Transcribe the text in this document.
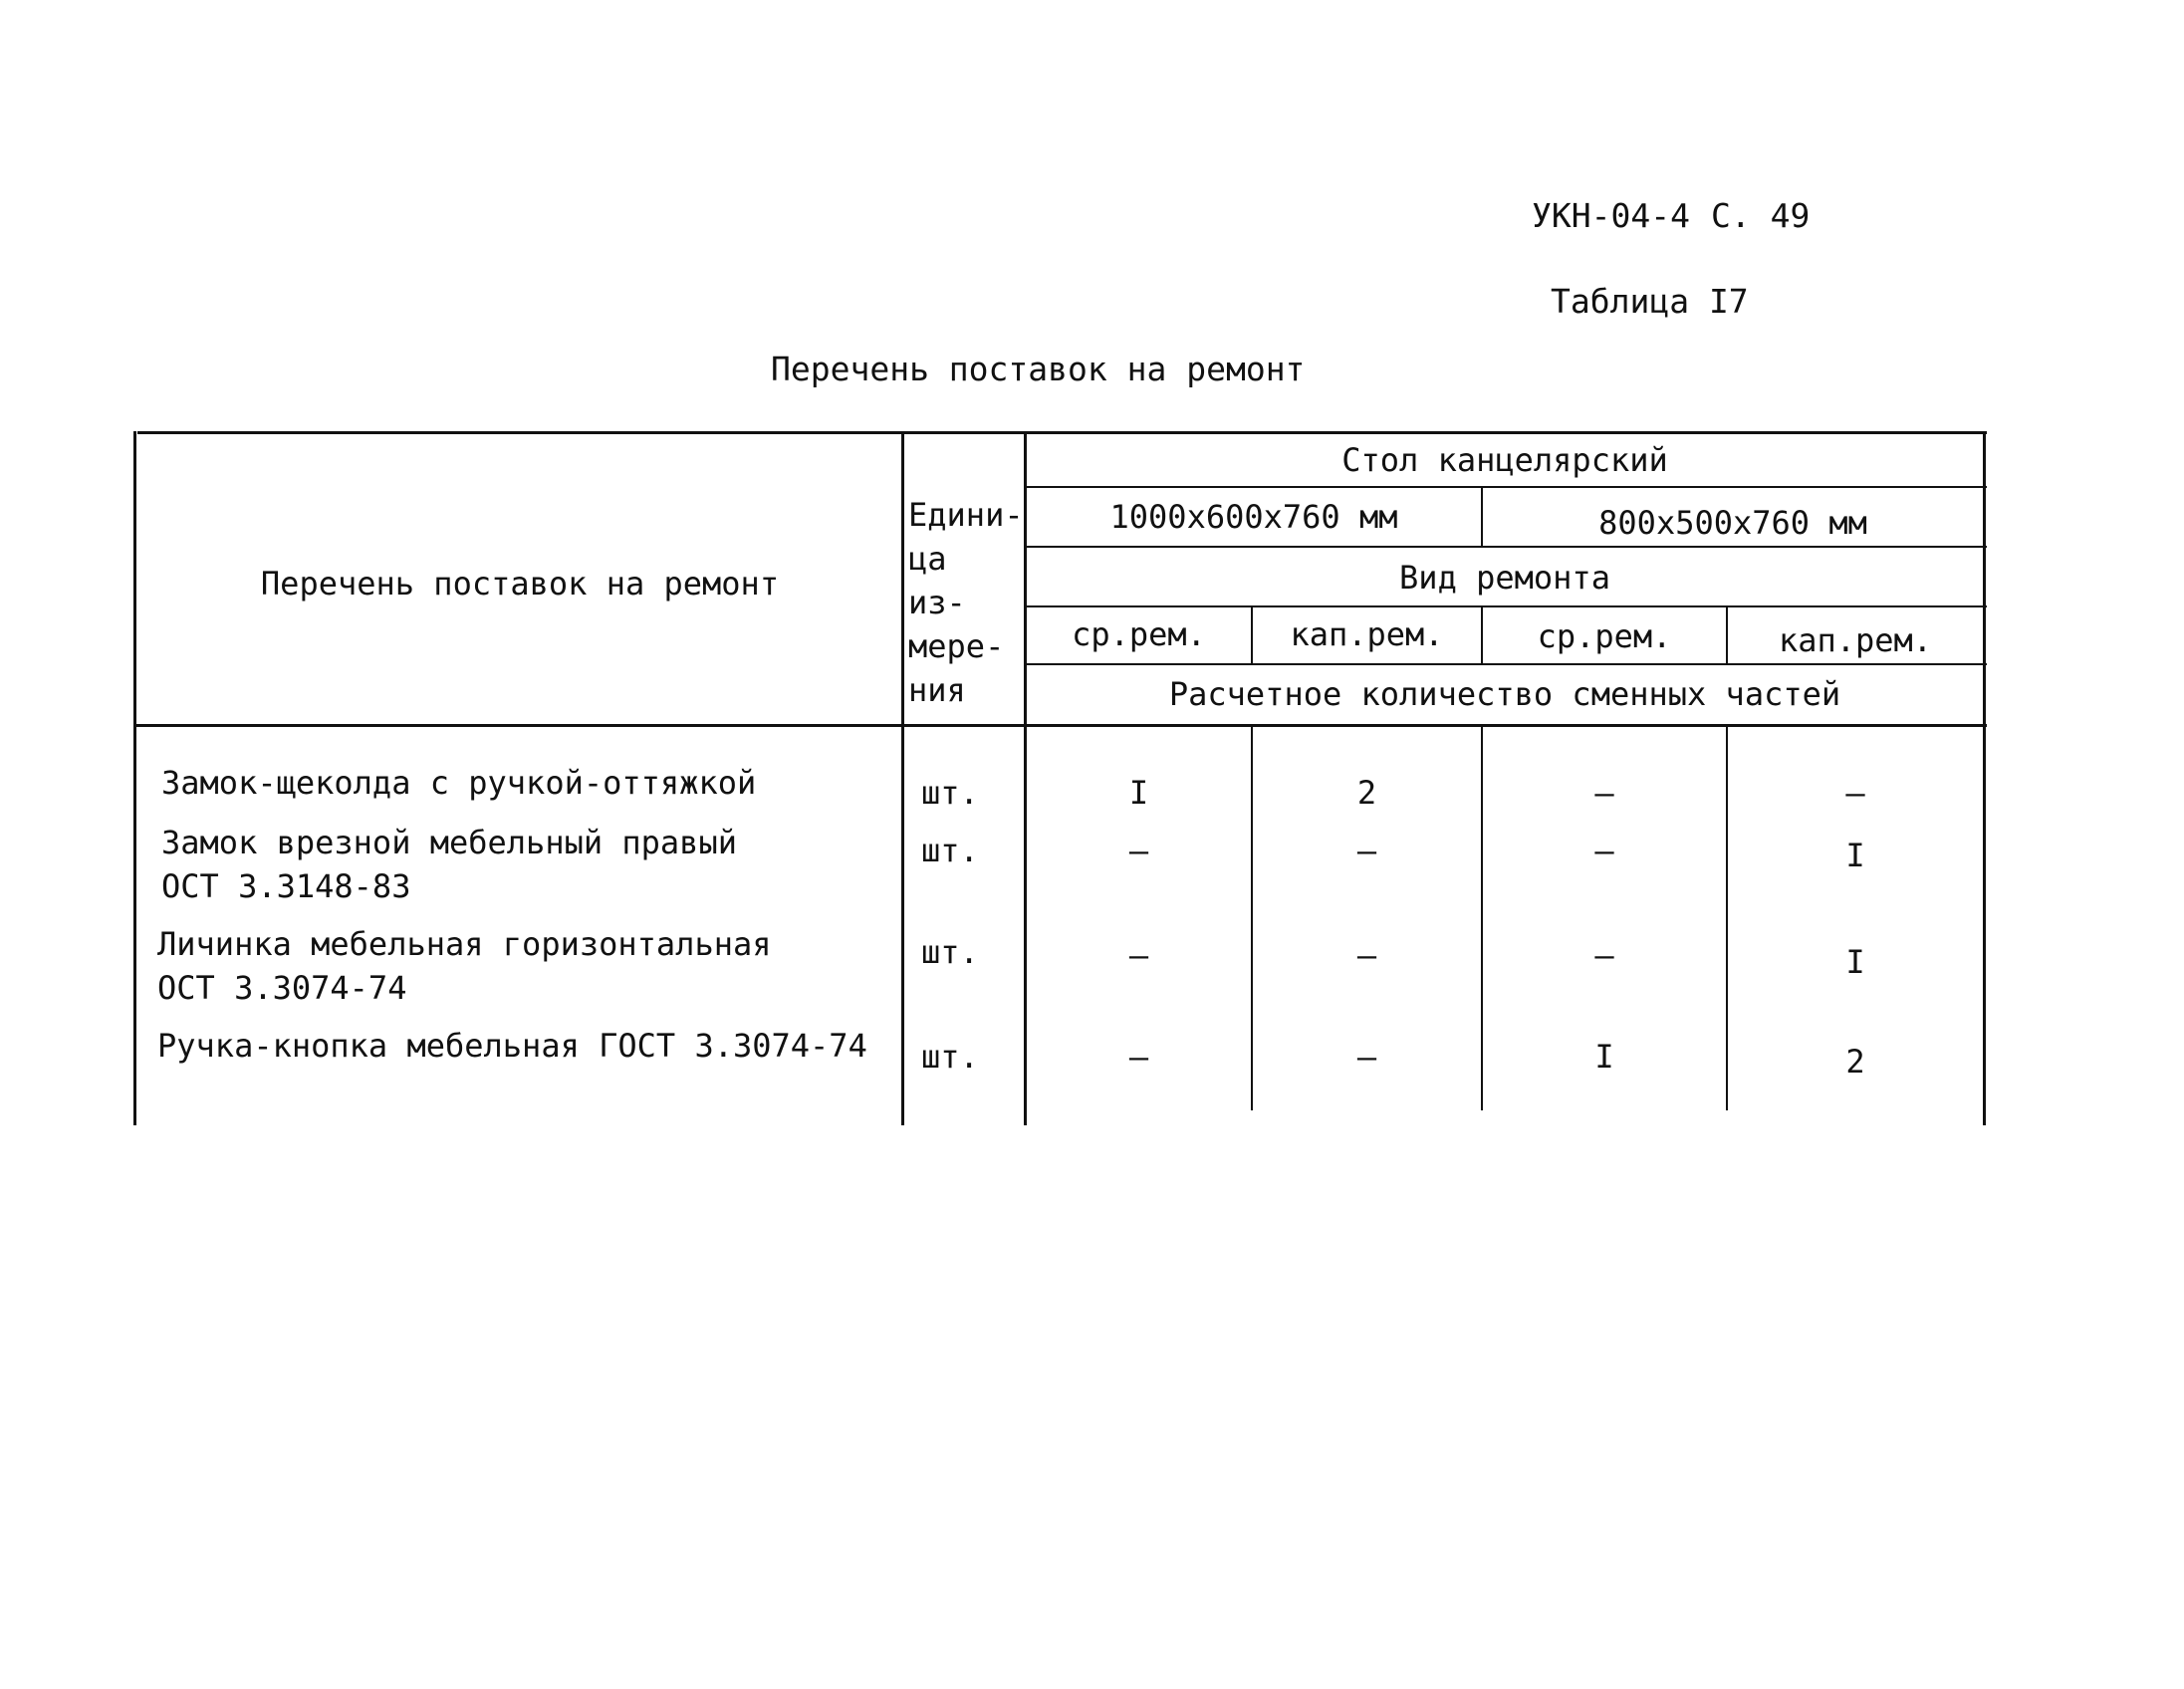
УКН-04-4 С. 49
Таблица I7
Перечень поставок на ремонт
Перечень поставок на ремонт
Едини-ца из-мере-ния
Стол канцелярский
1000х600х760 мм	800х500х760 мм
Вид ремонта
ср.рем.	кап.рем.	ср.рем.	кап.рем.
Расчетное количество сменных частей
Замок-щеколда с ручкой-оттяжкой	шт.	I	2	–	–
Замок врезной мебельный правый
ОСТ 3.3148-83
шт.	–	–	–	I
Личинка мебельная горизонтальная
ОСТ 3.3074-74
шт.	–	–	–	I
Ручка-кнопка мебельная ГОСТ 3.3074-74 шт.	–	–	I	2
